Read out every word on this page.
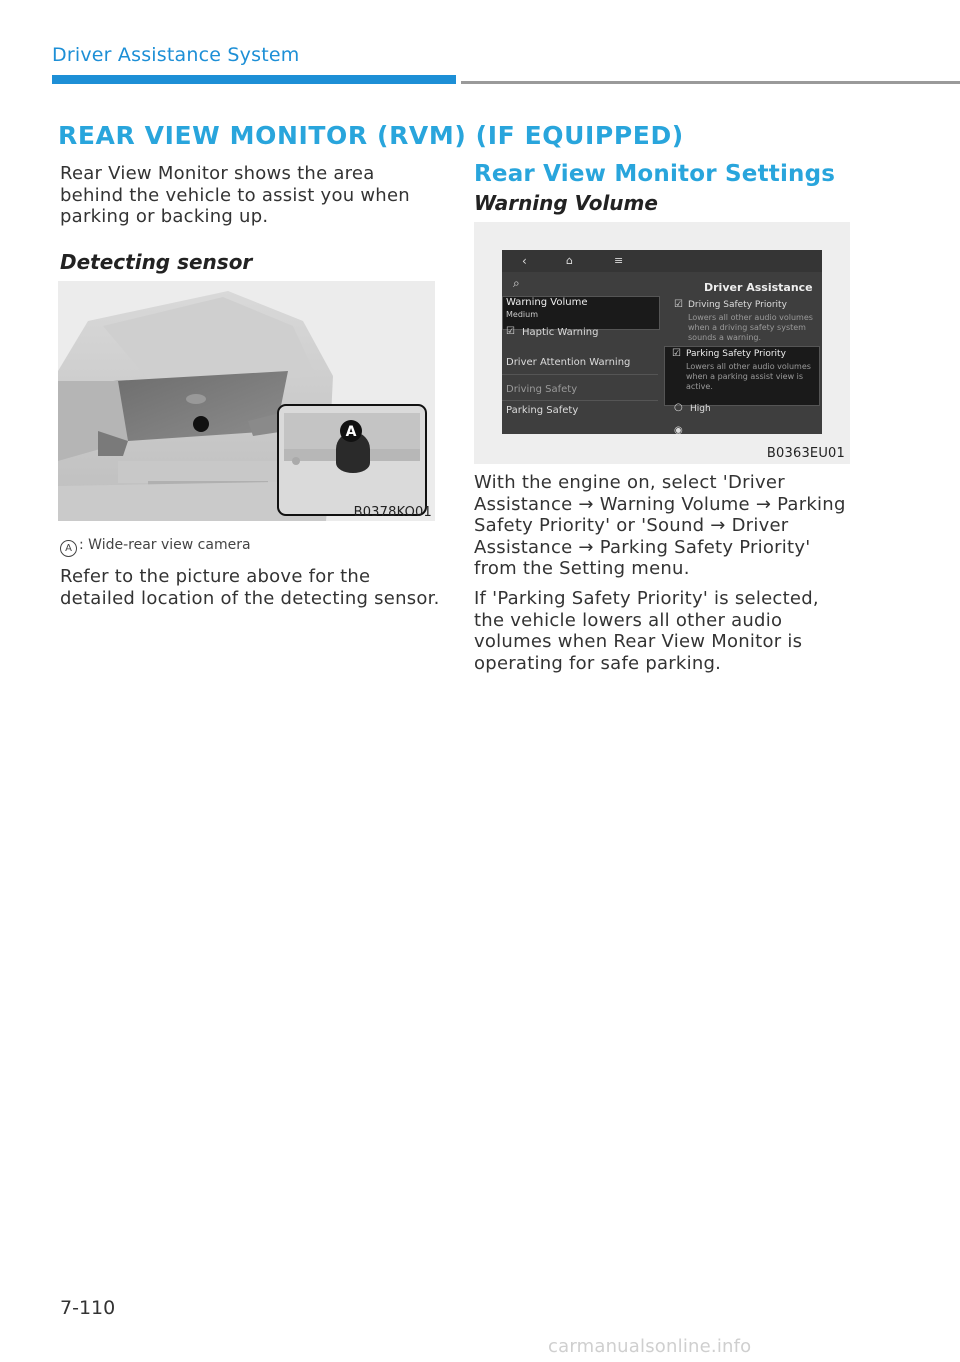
Driver Assistance System
REAR VIEW MONITOR (RVM) (IF EQUIPPED)
Rear View Monitor shows the area behind the vehicle to assist you when parking or backing up.
Detecting sensor
A
B0378KO01
A : Wide-rear view camera
Refer to the picture above for the detailed location of the detecting sensor.
Rear View Monitor Settings
Warning Volume
‹	⌂	≡
⌕	Driver Assistance
Warning Volume
Medium
☑ Haptic Warning
Driver Attention Warning
Driving Safety
Parking Safety
☑ Driving Safety Priority
Lowers all other audio volumes
when a driving safety system
sounds a warning.
☑ Parking Safety Priority
Lowers all other audio volumes
when a parking assist view is
active.
○ High
◉
B0363EU01
With the engine on, select 'Driver Assistance → Warning Volume → Parking Safety Priority' or 'Sound → Driver Assistance → Parking Safety Priority' from the Setting menu.
If 'Parking Safety Priority' is selected, the vehicle lowers all other audio volumes when Rear View Monitor is operating for safe parking.
7-110
carmanualsonline.info
